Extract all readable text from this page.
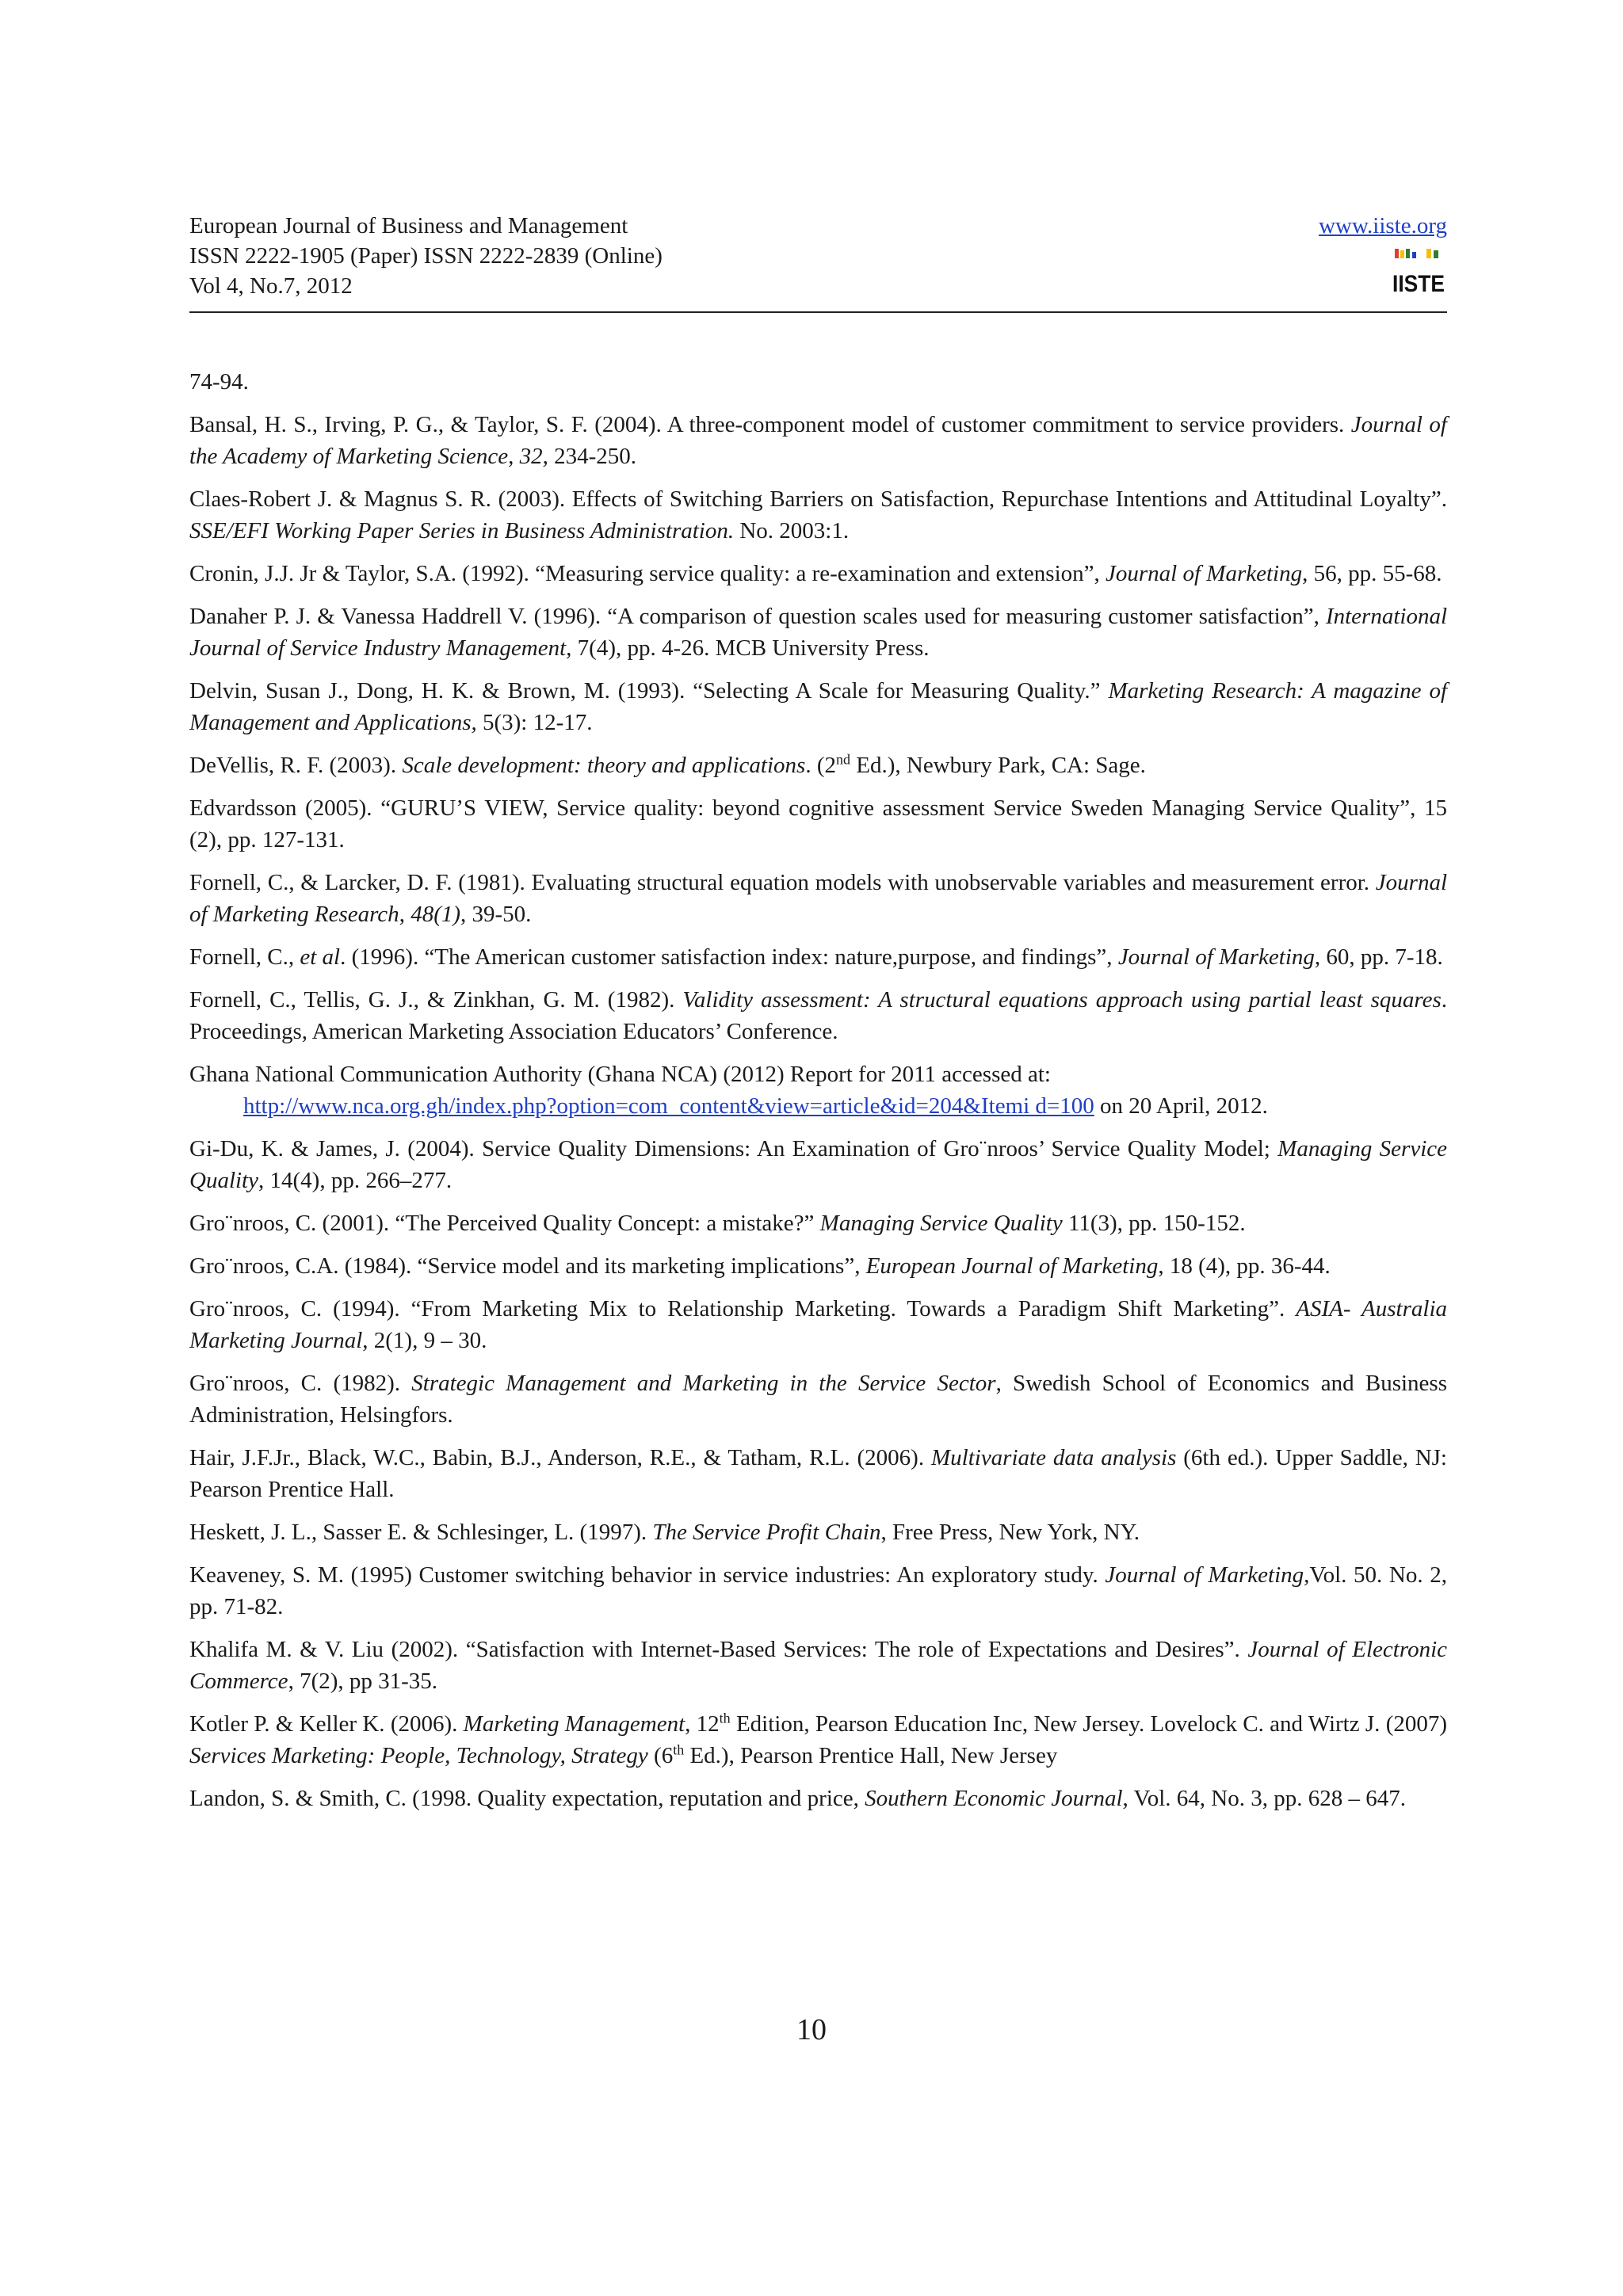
European Journal of Business and Management
ISSN 2222-1905 (Paper) ISSN 2222-2839 (Online)
Vol 4, No.7, 2012
www.iiste.org
IISTE
74-94.
Bansal, H. S., Irving, P. G., & Taylor, S. F. (2004). A three-component model of customer commitment to service providers. Journal of the Academy of Marketing Science, 32, 234-250.
Claes-Robert J. & Magnus S. R. (2003). Effects of Switching Barriers on Satisfaction, Repurchase Intentions and Attitudinal Loyalty”. SSE/EFI Working Paper Series in Business Administration. No. 2003:1.
Cronin, J.J. Jr & Taylor, S.A. (1992). “Measuring service quality: a re-examination and extension”, Journal of Marketing, 56, pp. 55-68.
Danaher P. J. & Vanessa Haddrell V. (1996). “A comparison of question scales used for measuring customer satisfaction”, International Journal of Service Industry Management, 7(4), pp. 4-26. MCB University Press.
Delvin, Susan J., Dong, H. K. & Brown, M. (1993). “Selecting A Scale for Measuring Quality.” Marketing Research: A magazine of Management and Applications, 5(3): 12-17.
DeVellis, R. F. (2003). Scale development: theory and applications. (2nd Ed.), Newbury Park, CA: Sage.
Edvardsson (2005). “GURU’S VIEW, Service quality: beyond cognitive assessment Service Sweden Managing Service Quality”, 15 (2), pp. 127-131.
Fornell, C., & Larcker, D. F. (1981). Evaluating structural equation models with unobservable variables and measurement error. Journal of Marketing Research, 48(1), 39-50.
Fornell, C., et al. (1996). “The American customer satisfaction index: nature,purpose, and findings”, Journal of Marketing, 60, pp. 7-18.
Fornell, C., Tellis, G. J., & Zinkhan, G. M. (1982). Validity assessment: A structural equations approach using partial least squares. Proceedings, American Marketing Association Educators’ Conference.
Ghana National Communication Authority (Ghana NCA) (2012) Report for 2011 accessed at:
http://www.nca.org.gh/index.php?option=com_content&view=article&id=204&Itemi d=100 on 20 April, 2012.
Gi-Du, K. & James, J. (2004). Service Quality Dimensions: An Examination of Gro¨nroos’ Service Quality Model; Managing Service Quality, 14(4), pp. 266–277.
Gro¨nroos, C. (2001). “The Perceived Quality Concept: a mistake?” Managing Service Quality 11(3), pp. 150-152.
Gro¨nroos, C.A. (1984). “Service model and its marketing implications”, European Journal of Marketing, 18 (4), pp. 36-44.
Gro¨nroos, C. (1994). “From Marketing Mix to Relationship Marketing. Towards a Paradigm Shift Marketing”. ASIA- Australia Marketing Journal, 2(1), 9 – 30.
Gro¨nroos, C. (1982). Strategic Management and Marketing in the Service Sector, Swedish School of Economics and Business Administration, Helsingfors.
Hair, J.F.Jr., Black, W.C., Babin, B.J., Anderson, R.E., & Tatham, R.L. (2006). Multivariate data analysis (6th ed.). Upper Saddle, NJ: Pearson Prentice Hall.
Heskett, J. L., Sasser E. & Schlesinger, L. (1997). The Service Profit Chain, Free Press, New York, NY.
Keaveney, S. M. (1995) Customer switching behavior in service industries: An exploratory study. Journal of Marketing,Vol. 50. No. 2, pp. 71-82.
Khalifa M. & V. Liu (2002). “Satisfaction with Internet-Based Services: The role of Expectations and Desires”. Journal of Electronic Commerce, 7(2), pp 31-35.
Kotler P. & Keller K. (2006). Marketing Management, 12th Edition, Pearson Education Inc, New Jersey. Lovelock C. and Wirtz J. (2007) Services Marketing: People, Technology, Strategy (6th Ed.), Pearson Prentice Hall, New Jersey
Landon, S. & Smith, C. (1998. Quality expectation, reputation and price, Southern Economic Journal, Vol. 64, No. 3, pp. 628 – 647.
10
